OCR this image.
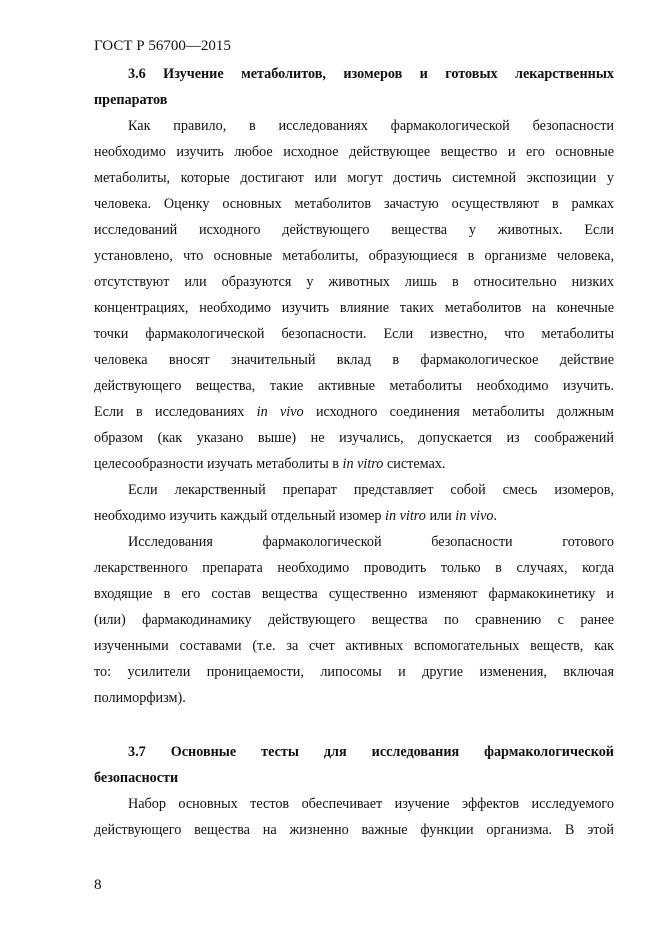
ГОСТ Р 56700—2015
3.6 Изучение метаболитов, изомеров и готовых лекарственных
препаратов
Как правило, в исследованиях фармакологической безопасности
необходимо изучить любое исходное действующее вещество и его основные
метаболиты, которые достигают или могут достичь системной экспозиции у
человека. Оценку основных метаболитов зачастую осуществляют в рамках
исследований исходного действующего вещества у животных. Если
установлено, что основные метаболиты, образующиеся в организме человека,
отсутствуют или образуются у животных лишь в относительно низких
концентрациях, необходимо изучить влияние таких метаболитов на конечные
точки фармакологической безопасности. Если известно, что метаболиты
человека вносят значительный вклад в фармакологическое действие
действующего вещества, такие активные метаболиты необходимо изучить.
Если в исследованиях in vivo исходного соединения метаболиты должным
образом (как указано выше) не изучались, допускается из соображений
целесообразности изучать метаболиты в in vitro системах.
Если лекарственный препарат представляет собой смесь изомеров,
необходимо изучить каждый отдельный изомер in vitro или in vivo.
Исследования фармакологической безопасности готового
лекарственного препарата необходимо проводить только в случаях, когда
входящие в его состав вещества существенно изменяют фармакокинетику и
(или) фармакодинамику действующего вещества по сравнению с ранее
изученными составами (т.е. за счет активных вспомогательных веществ, как
то: усилители проницаемости, липосомы и другие изменения, включая
полиморфизм).
3.7 Основные тесты для исследования фармакологической
безопасности
Набор основных тестов обеспечивает изучение эффектов исследуемого
действующего вещества на жизненно важные функции организма. В этой
8
